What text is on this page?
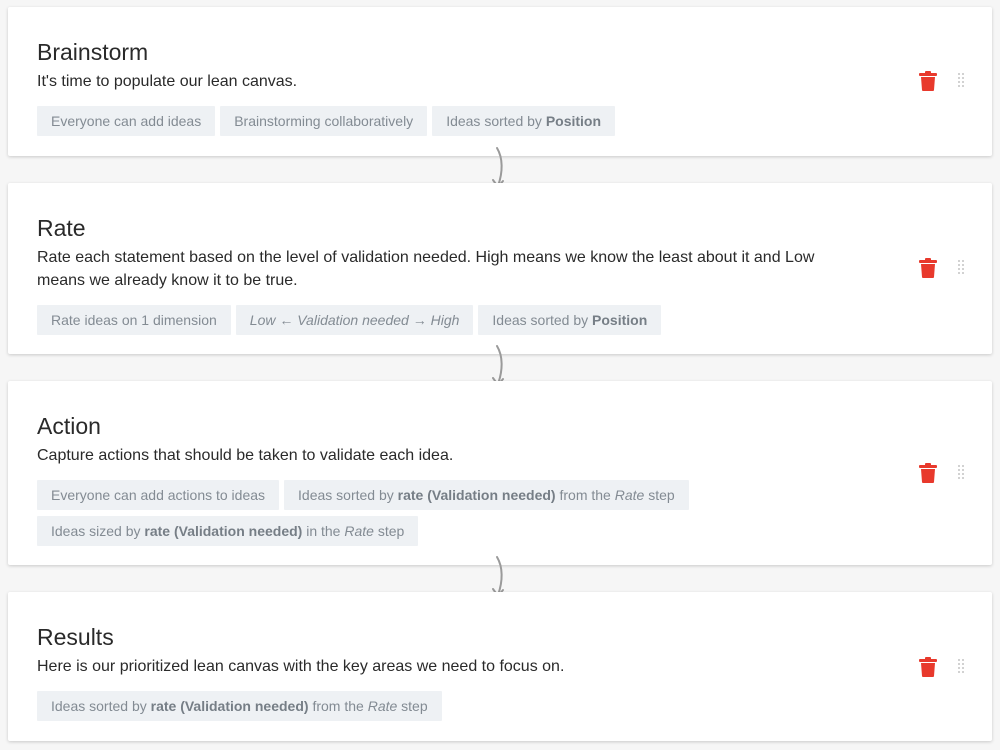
Brainstorm

It's time to populate our lean canvas.

Everyone can add ideas	Brainstorming collaboratively	Ideas sorted by Position
Rate

Rate each statement based on the level of validation needed. High means we know the least about it and Low means we already know it to be true.

Rate ideas on 1 dimension	Low ← Validation needed → High	Ideas sorted by Position
Action

Capture actions that should be taken to validate each idea.

Everyone can add actions to ideas	Ideas sorted by rate (Validation needed) from the Rate step
Ideas sized by rate (Validation needed) in the Rate step
Results

Here is our prioritized lean canvas with the key areas we need to focus on.

Ideas sorted by rate (Validation needed) from the Rate step
